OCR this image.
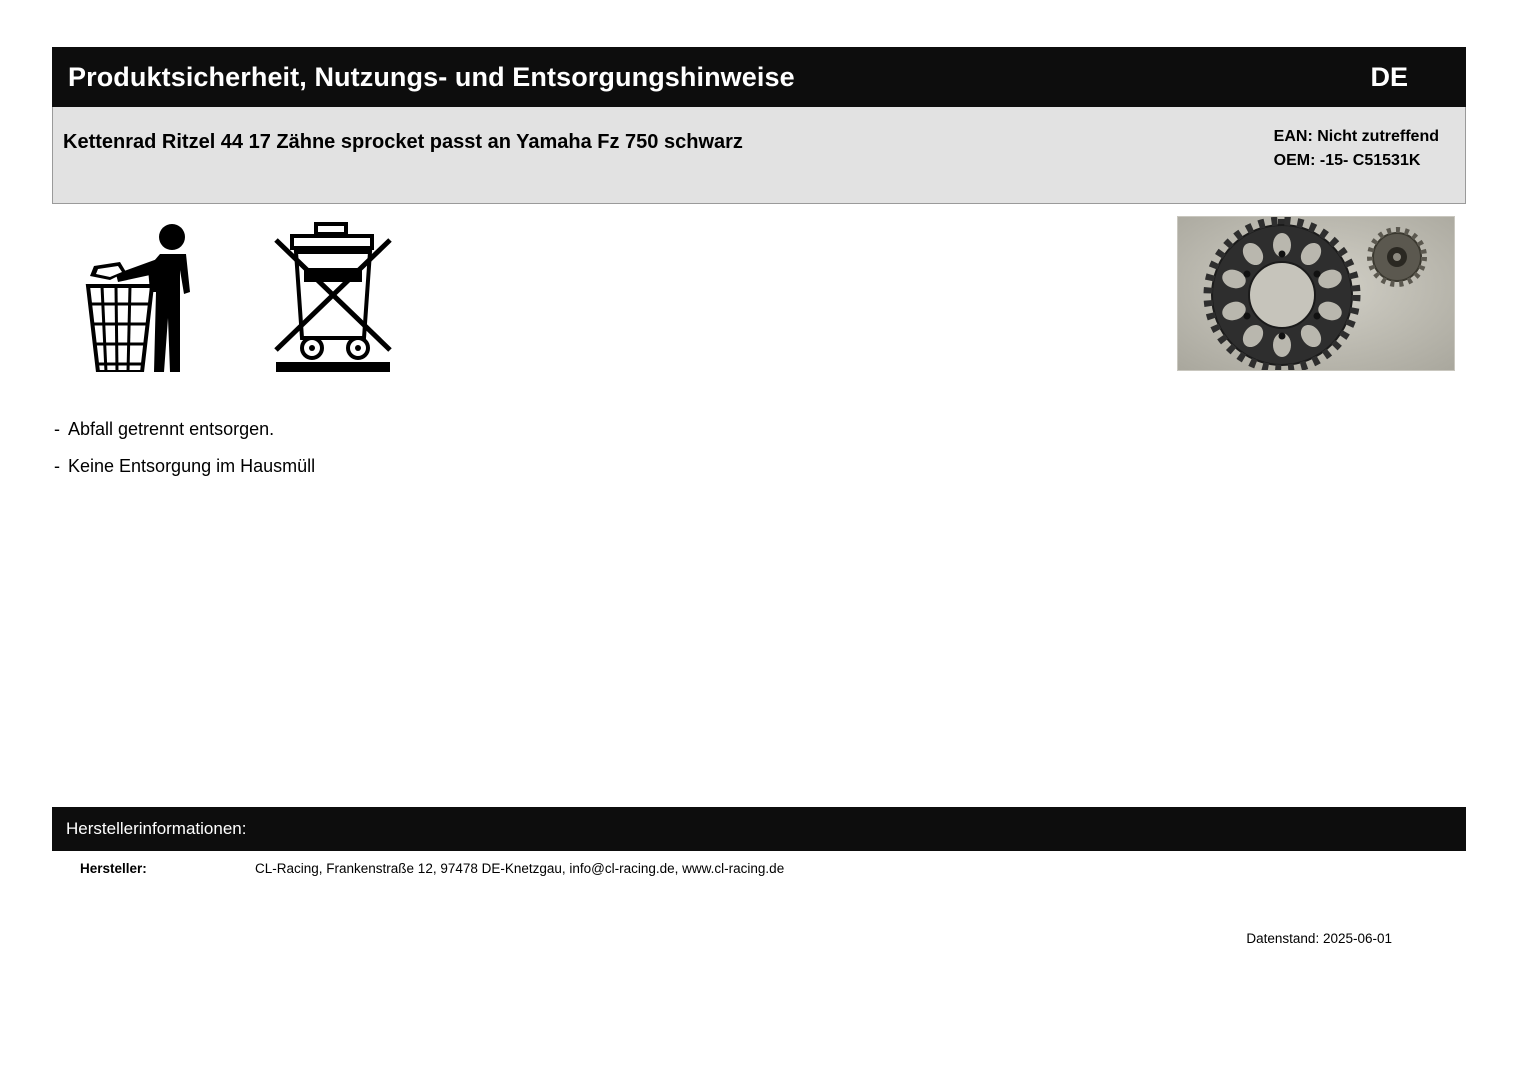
Produktsicherheit, Nutzungs- und Entsorgungshinweise	DE
Kettenrad Ritzel 44 17 Zähne sprocket passt an Yamaha Fz 750 schwarz	EAN: Nicht zutreffend
OEM: -15- C51531K
- Abfall getrennt entsorgen.
- Keine Entsorgung im Hausmüll
Herstellerinformationen:
Hersteller:	CL-Racing, Frankenstraße 12, 97478 DE-Knetzgau, info@cl-racing.de, www.cl-racing.de
Datenstand: 2025-06-01
